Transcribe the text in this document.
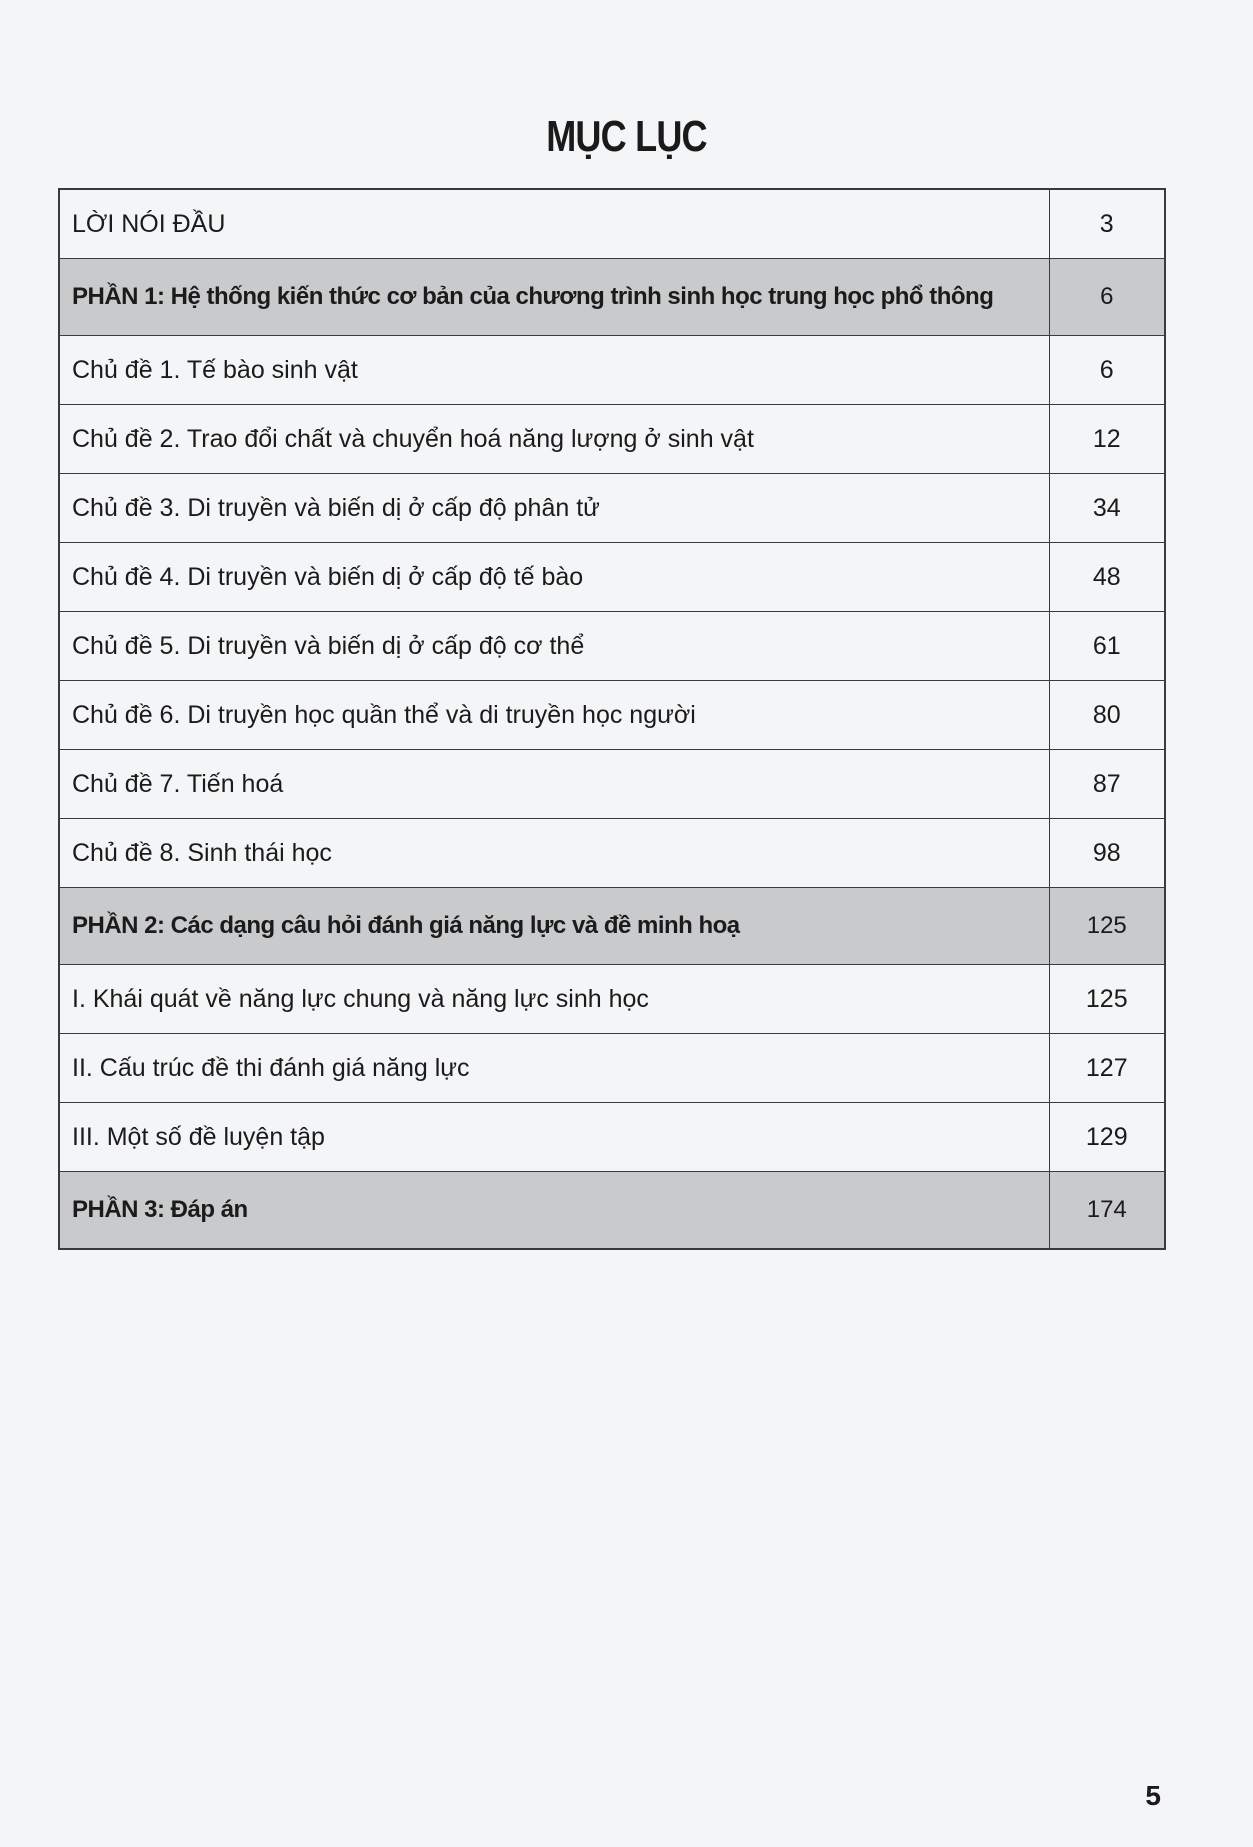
MỤC LỤC
LỜI NÓI ĐẦU	3
PHẦN 1: Hệ thống kiến thức cơ bản của chương trình sinh học trung học phổ thông	6
Chủ đề 1. Tế bào sinh vật	6
Chủ đề 2. Trao đổi chất và chuyển hoá năng lượng ở sinh vật	12
Chủ đề 3. Di truyền và biến dị ở cấp độ phân tử	34
Chủ đề 4. Di truyền và biến dị ở cấp độ tế bào	48
Chủ đề 5. Di truyền và biến dị ở cấp độ cơ thể	61
Chủ đề 6. Di truyền học quần thể và di truyền học người	80
Chủ đề 7. Tiến hoá	87
Chủ đề 8. Sinh thái học	98
PHẦN 2: Các dạng câu hỏi đánh giá năng lực và đề minh hoạ	125
I. Khái quát về năng lực chung và năng lực sinh học	125
II. Cấu trúc đề thi đánh giá năng lực	127
III. Một số đề luyện tập	129
PHẦN 3: Đáp án	174
5
